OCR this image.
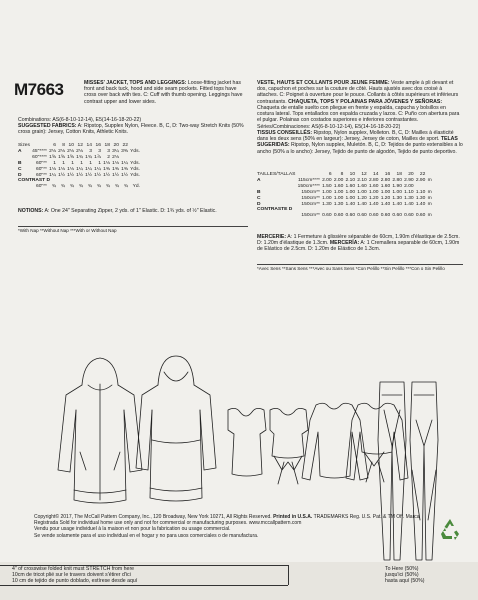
M7663	MISSES' JACKET, TOPS AND LEGGINGS: Loose-fitting jacket has front and back tuck, hood and side seam pockets. Fitted tops have cross over back with ties. C: Cuff with thumb opening. Leggings have contrast upper and lower sides.
Combinations: AS(6-8-10-12-14), E5(14-16-18-20-22)
SUGGESTED FABRICS: A: Ripstop, Supplex Nylon, Fleece. B, C, D: Two-way Stretch Knits (50% cross grain): Jersey, Cotton Knits, Athletic Knits.
Sizes		6	8	10	12	14	16	18	20	22	
A	45"****	2⅛	2⅛	2⅛	2⅛	3	3	3	3¼	3⅜	Yds.
	60"****	1⅝	1⅝	1⅝	1¾	1¾	1⅞	2	2⅛		
B	60"**	1	1	1	1	1	1	1⅛	1⅛	1¼	Yds.
C	60"**	1⅛	1⅛	1⅛	1¼	1¼	1¼	1⅜	1⅜	1⅜	Yds.
D	60"**	1¼	1½	1½	1½	1½	1½	1½	1½	1½	Yds.
CONTRAST D											
	60"**	¾	¾	¾	¾	¾	¾	¾	¾	¾	Yd.
NOTIONS: A: One 24" Separating Zipper, 2 yds. of 1" Elastic. D: 1¾ yds. of ½" Elastic.
*With Nap **Without Nap ***With or Without Nap
VESTE, HAUTS ET COLLANTS POUR JEUNE FEMME: Veste ample à pli devant et dos, capuchon et poches sur la couture de côté. Hauts ajustés avec dos croisé à attaches. C: Poignet à ouverture pour le pouce. Collants à côtés supérieurs et inférieurs contrastants. CHAQUETA, TOPS Y POLAINAS PARA JÓVENES Y SEÑORAS: Chaqueta de entalle suelto con pliegue en frente y espalda, capucha y bolsillos en costura lateral. Tops entallados con espalda cruzada y lazos. C: Puño con abertura para el pulgar. Polainas con costados superiores e inferiores contrastantes.
Séries/Combinaciones: AS(6-8-10-12-14), E5(14-16-18-20-22)
TISSUS CONSEILLÉS: Ripstop, Nylon supplex, Molleton. B, C, D: Mailles à élasticité dans les deux sens (50% en largeur): Jersey, Jersey de coton, Mailles de sport. TELAS SUGERIDAS: Ripstop, Nylon supplex, Muletón. B, C, D: Tejidos de punto extensibles a lo ancho (50% a lo ancho): Jersey, Tejido de punto de algodón, Tejido de punto deportivo.
TAILLES/TALLAS		6	8	10	12	14	16	18	20	22	
A	115cm****	2.00	2.00	2.10	2.10	2.80	2.80	2.80	2.90	2.90	m
	150cm****	1.50	1.60	1.60	1.60	1.60	1.60	1.90	2.00		
B	150cm**	1.00	1.00	1.00	1.00	1.00	1.00	1.00	1.10	1.10	m
C	150cm**	1.00	1.00	1.00	1.20	1.20	1.20	1.30	1.30	1.30	m
D	150cm**	1.30	1.30	1.40	1.40	1.40	1.40	1.40	1.40	1.40	m
CONTRASTE D											
	150cm**	0.60	0.60	0.60	0.60	0.60	0.60	0.60	0.60	0.60	m
MERCERIE: A: 1 Fermeture à glissière séparable de 60cm, 1.90m d'élastique de 2.5cm. D: 1.20m d'élastique de 1.3cm. MERCERÍA: A: 1 Cremallera separable de 60cm, 1.90m de Elástico de 2.5cm. D: 1.20m de Elástico de 1.3cm.
*Avec Sens **Sans Sens ***Avec ou Sans Sens *Con Pelillo **Sin Pelillo ***Con o Sin Pelillo
Copyright© 2017, The McCall Pattern Company, Inc., 120 Broadway, New York 10271, All Rights Reserved. Printed in U.S.A. TRADEMARKS Reg. U.S. Pat. & TM Off. Marca
Registrada Sold for individual home use only and not for commercial or manufacturing purposes. www.mccallpattern.com
Vendu pour usage individuel à la maison et non pour la fabrication ou usage commercial.
Se vende solamente para el uso individual en el hogar y no para usos comerciales o de manufactura.
4" of crosswise folded knit must STRETCH from here
10cm de tricot plié sur le travers doivent s'étirer d'ici
10 cm de tejido de punto doblado, estírese desde aquí
To Here (50%)
jusqu'ici (50%)
hasta aquí (50%)
